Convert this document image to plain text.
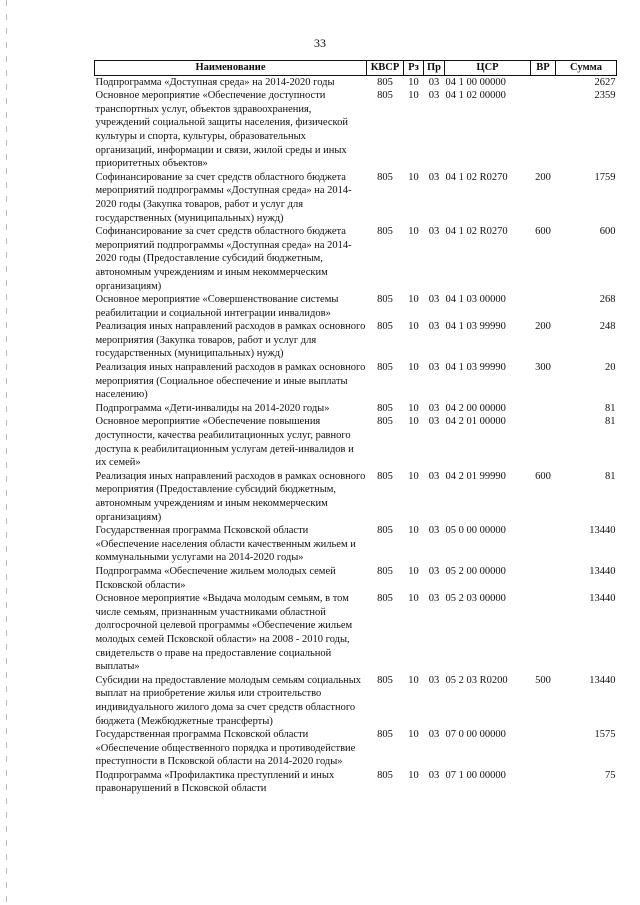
33
Наименование	КВСР	Рз	Пр	ЦСР	ВР	Сумма
Подпрограмма «Доступная среда» на 2014-2020 годы	805	10	03	04 1 00 00000		2627
Основное мероприятие «Обеспечение доступности транспортных услуг, объектов здравоохранения, учреждений социальной защиты населения, физической культуры и спорта, культуры, образовательных организаций, информации и связи, жилой среды и иных приоритетных объектов»	805	10	03	04 1 02 00000		2359
Софинансирование за счет средств областного бюджета мероприятий подпрограммы «Доступная среда» на 2014-2020 годы (Закупка товаров, работ и услуг для государственных (муниципальных) нужд)	805	10	03	04 1 02 R0270	200	1759
Софинансирование за счет средств областного бюджета мероприятий подпрограммы «Доступная среда» на 2014-2020 годы (Предоставление субсидий бюджетным, автономным учреждениям и иным некоммерческим организациям)	805	10	03	04 1 02 R0270	600	600
Основное мероприятие «Совершенствование системы реабилитации и социальной интеграции инвалидов»	805	10	03	04 1 03 00000		268
Реализация иных направлений расходов в рамках основного мероприятия (Закупка товаров, работ и услуг для государственных (муниципальных) нужд)	805	10	03	04 1 03 99990	200	248
Реализация иных направлений расходов в рамках основного мероприятия (Социальное обеспечение и иные выплаты населению)	805	10	03	04 1 03 99990	300	20
Подпрограмма «Дети-инвалиды на 2014-2020 годы»	805	10	03	04 2 00 00000		81
Основное мероприятие «Обеспечение повышения доступности, качества реабилитационных услуг, равного доступа к реабилитационным услугам детей-инвалидов и их семей»	805	10	03	04 2 01 00000		81
Реализация иных направлений расходов в рамках основного мероприятия (Предоставление субсидий бюджетным, автономным учреждениям и иным некоммерческим организациям)	805	10	03	04 2 01 99990	600	81
Государственная программа Псковской области «Обеспечение населения области качественным жильем и коммунальными услугами на 2014-2020 годы»	805	10	03	05 0 00 00000		13440
Подпрограмма «Обеспечение жильем молодых семей Псковской области»	805	10	03	05 2 00 00000		13440
Основное мероприятие «Выдача молодым семьям, в том числе семьям, признанным участниками областной долгосрочной целевой программы «Обеспечение жильем молодых семей Псковской области» на 2008 - 2010 годы, свидетельств о праве на предоставление социальной выплаты»	805	10	03	05 2 03 00000		13440
Субсидии на предоставление молодым семьям социальных выплат на приобретение жилья или строительство индивидуального жилого дома за счет средств областного бюджета (Межбюджетные трансферты)	805	10	03	05 2 03 R0200	500	13440
Государственная программа Псковской области «Обеспечение общественного порядка и противодействие преступности в Псковской области на 2014-2020 годы»	805	10	03	07 0 00 00000		1575
Подпрограмма «Профилактика преступлений и иных правонарушений в Псковской области	805	10	03	07 1 00 00000		75
